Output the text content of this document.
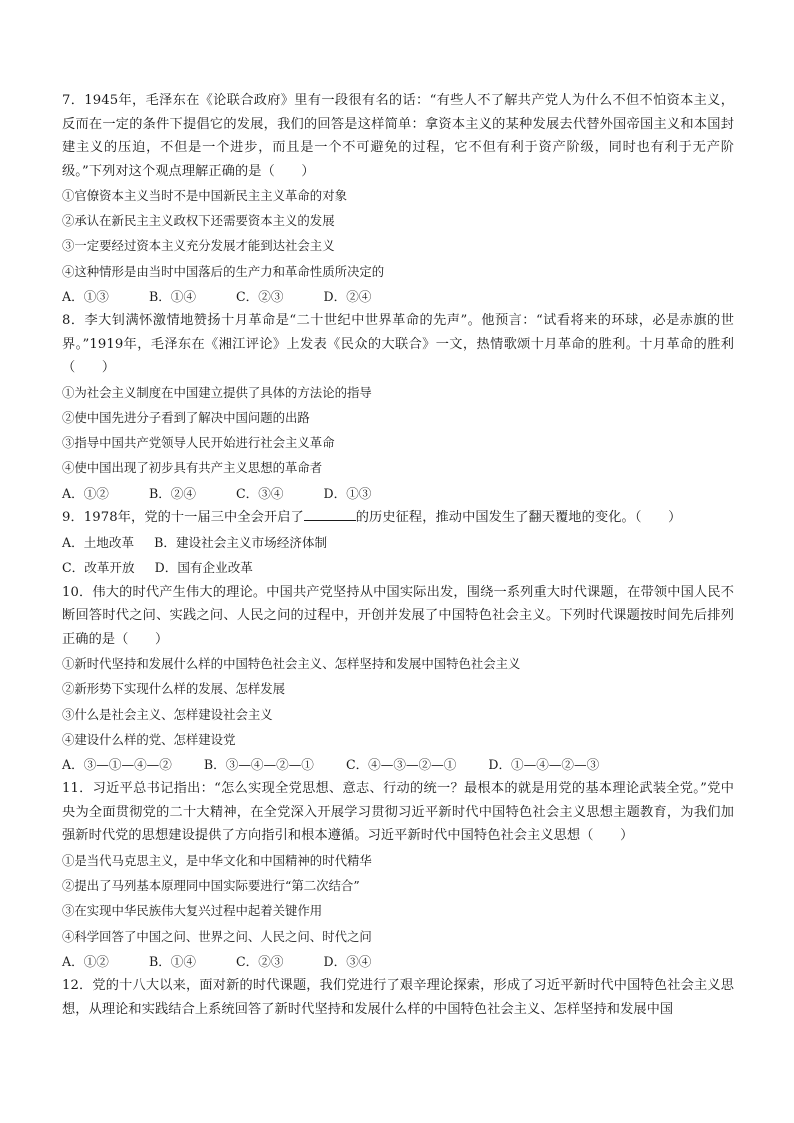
7．1945年，毛泽东在《论联合政府》里有一段很有名的话：“有些人不了解共产党人为什么不但不怕资本主义，反而在一定的条件下提倡它的发展，我们的回答是这样简单：拿资本主义的某种发展去代替外国帝国主义和本国封建主义的压迫，不但是一个进步，而且是一个不可避免的过程，它不但有利于资产阶级，同时也有利于无产阶级。”下列对这个观点理解正确的是（　　）

①官僚资本主义当时不是中国新民主主义革命的对象

②承认在新民主主义政权下还需要资本主义的发展

③一定要经过资本主义充分发展才能到达社会主义

④这种情形是由当时中国落后的生产力和革命性质所决定的

A．①③	B．①④	C．②③	D．②④

8．李大钊满怀激情地赞扬十月革命是“二十世纪中世界革命的先声”。他预言：“试看将来的环球，必是赤旗的世界。”1919年，毛泽东在《湘江评论》上发表《民众的大联合》一文，热情歌颂十月革命的胜利。十月革命的胜利（　　）

①为社会主义制度在中国建立提供了具体的方法论的指导

②使中国先进分子看到了解决中国问题的出路

③指导中国共产党领导人民开始进行社会主义革命

④使中国出现了初步具有共产主义思想的革命者

A．①②	B．②④	C．③④	D．①③

9．1978年，党的十一届三中全会开启了	的历史征程，推动中国发生了翻天覆地的变化。（　　）

A．土地改革 B．建设社会主义市场经济体制

C．改革开放 D．国有企业改革

10．伟大的时代产生伟大的理论。中国共产党坚持从中国实际出发，围绕一系列重大时代课题，在带领中国人民不断回答时代之问、实践之问、人民之问的过程中，开创并发展了中国特色社会主义。下列时代课题按时间先后排列正确的是（　　）

①新时代坚持和发展什么样的中国特色社会主义、怎样坚持和发展中国特色社会主义

②新形势下实现什么样的发展、怎样发展

③什么是社会主义、怎样建设社会主义

④建设什么样的党、怎样建设党

A．③—①—④—②	B．③—④—②—①	C．④—③—②—①	D．①—④—②—③

11．习近平总书记指出：“怎么实现全党思想、意志、行动的统一？最根本的就是用党的基本理论武装全党。”党中央为全面贯彻党的二十大精神，在全党深入开展学习贯彻习近平新时代中国特色社会主义思想主题教育，为我们加强新时代党的思想建设提供了方向指引和根本遵循。习近平新时代中国特色社会主义思想（　　）

①是当代马克思主义，是中华文化和中国精神的时代精华

②提出了马列基本原理同中国实际要进行“第二次结合”

③在实现中华民族伟大复兴过程中起着关键作用

④科学回答了中国之问、世界之问、人民之问、时代之问

A．①②	B．①④	C．②③	D．③④

12．党的十八大以来，面对新的时代课题，我们党进行了艰辛理论探索，形成了习近平新时代中国特色社会主义思想，从理论和实践结合上系统回答了新时代坚持和发展什么样的中国特色社会主义、怎样坚持和发展中国
